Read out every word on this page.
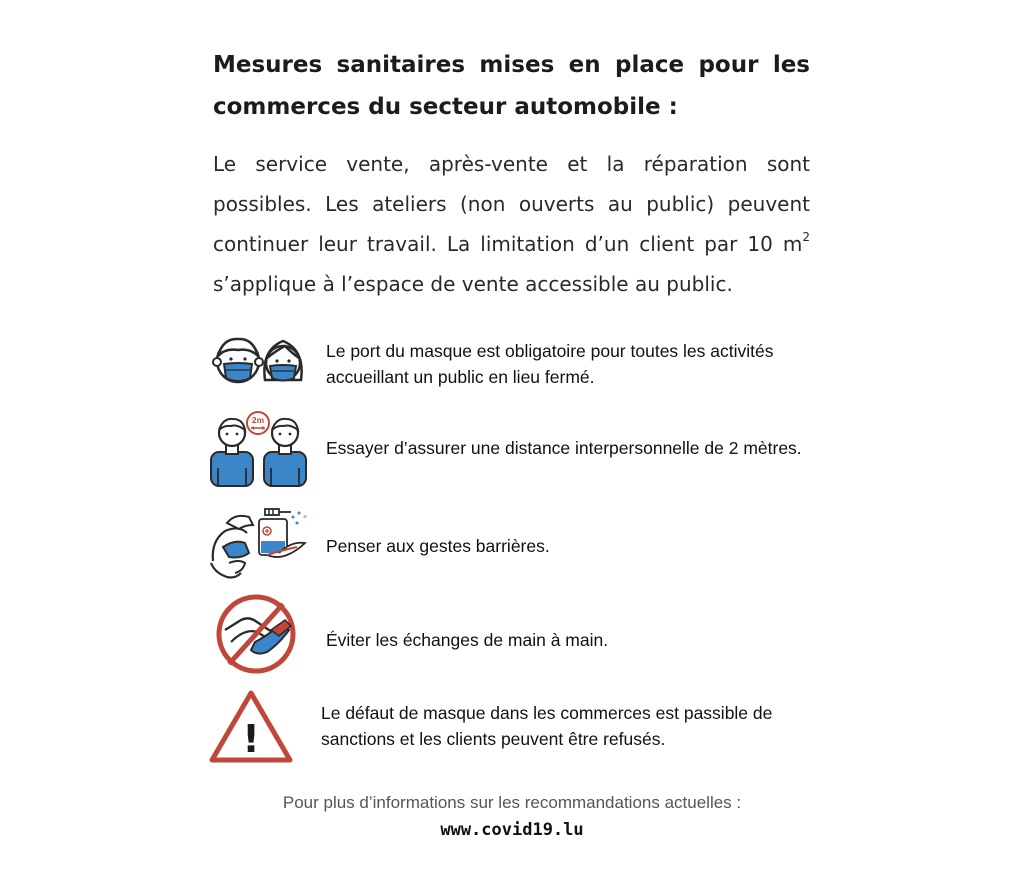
Mesures sanitaires mises en place pour les commerces du secteur automobile :

Le service vente, après-vente et la réparation sont possibles. Les ateliers (non ouverts au public) peuvent continuer leur travail. La limitation d’un client par 10 $m^2$ s’applique à l’espace de vente accessible au public.

Le port du masque est obligatoire pour toutes les activités accueillant un public en lieu fermé.

2m

Essayer d’assurer une distance interpersonnelle de 2 mètres.

×

Penser aux gestes barrières.

Éviter les échanges de main à main.

!

Le défaut de masque dans les commerces est passible de sanctions et les clients peuvent être refusés.

Pour plus d’informations sur les recommandations actuelles :

www.covid19.lu
